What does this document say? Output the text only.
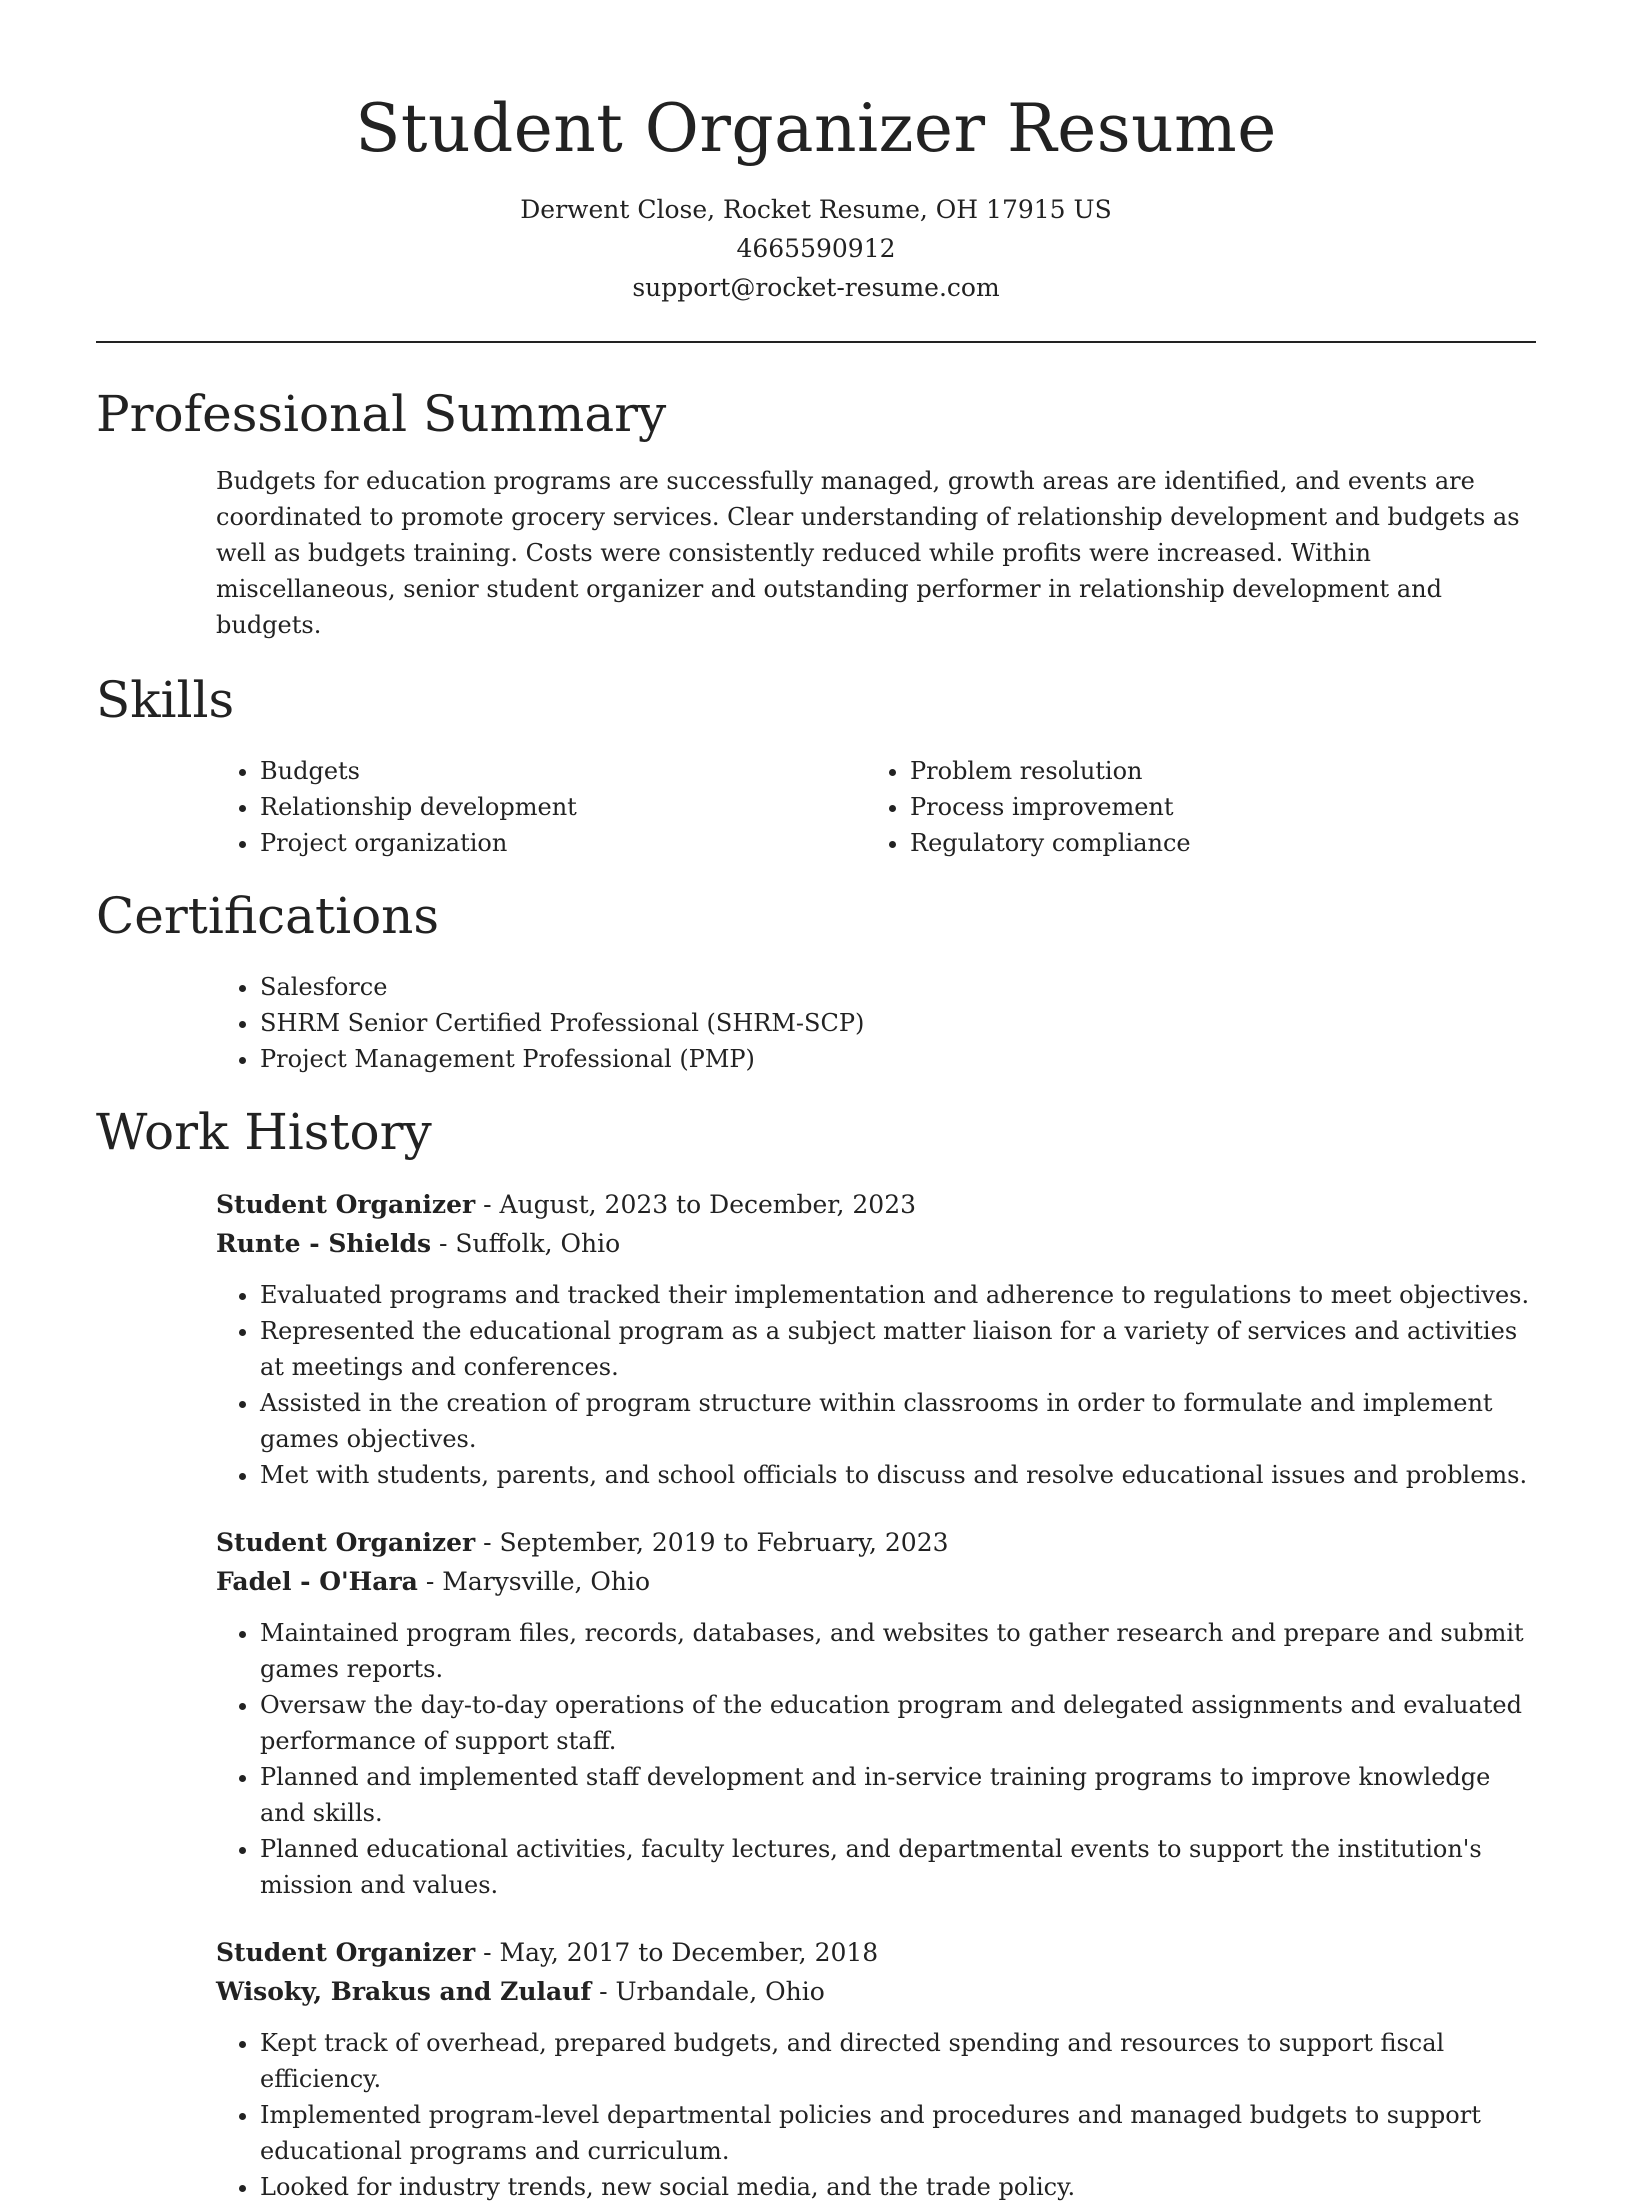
Student Organizer Resume

Derwent Close, Rocket Resume, OH 17915 US

4665590912

support@rocket-resume.com

Professional Summary

Budgets for education programs are successfully managed, growth areas are identified, and events are coordinated to promote grocery services. Clear understanding of relationship development and budgets as well as budgets training. Costs were consistently reduced while profits were increased. Within miscellaneous, senior student organizer and outstanding performer in relationship development and budgets.

Skills
• Budgets
• Relationship development
• Project organization
• Problem resolution
• Process improvement
• Regulatory compliance
Certifications
• Salesforce
• SHRM Senior Certified Professional (SHRM-SCP)
• Project Management Professional (PMP)
Work History

Student Organizer - August, 2023 to December, 2023

Runte - Shields - Suffolk, Ohio

• Evaluated programs and tracked their implementation and adherence to regulations to meet objectives.
• Represented the educational program as a subject matter liaison for a variety of services and activities at meetings and conferences.
• Assisted in the creation of program structure within classrooms in order to formulate and implement games objectives.
• Met with students, parents, and school officials to discuss and resolve educational issues and problems.

Student Organizer - September, 2019 to February, 2023

Fadel - O'Hara - Marysville, Ohio

• Maintained program files, records, databases, and websites to gather research and prepare and submit games reports.
• Oversaw the day-to-day operations of the education program and delegated assignments and evaluated performance of support staff.
• Planned and implemented staff development and in-service training programs to improve knowledge and skills.
• Planned educational activities, faculty lectures, and departmental events to support the institution's mission and values.

Student Organizer - May, 2017 to December, 2018

Wisoky, Brakus and Zulauf - Urbandale, Ohio

• Kept track of overhead, prepared budgets, and directed spending and resources to support fiscal efficiency.
• Implemented program-level departmental policies and procedures and managed budgets to support educational programs and curriculum.
• Looked for industry trends, new social media, and the trade policy.
